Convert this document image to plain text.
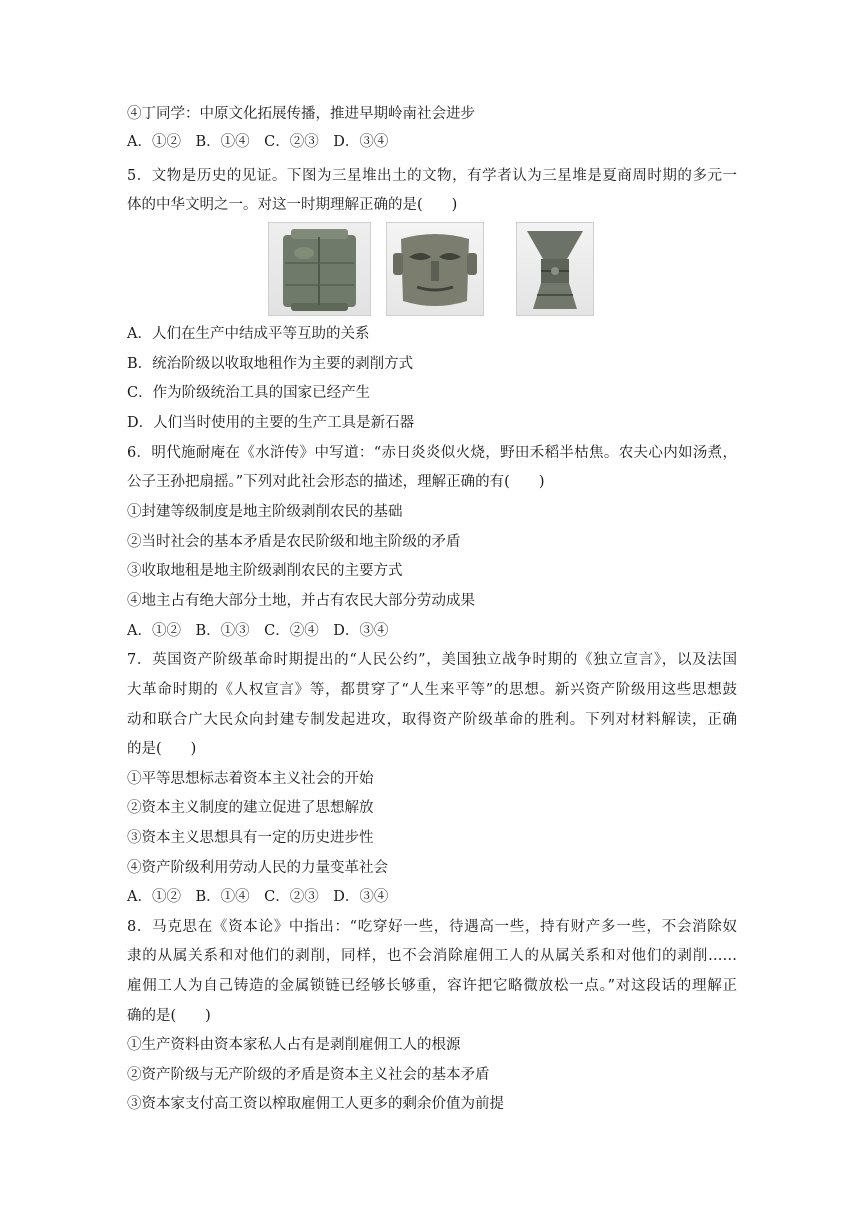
④丁同学：中原文化拓展传播，推进早期岭南社会进步
A．①②　B．①④　C．②③　D．③④
5．文物是历史的见证。下图为三星堆出土的文物，有学者认为三星堆是夏商周时期的多元一
体的中华文明之一。对这一时期理解正确的是(　　)
A．人们在生产中结成平等互助的关系
B．统治阶级以收取地租作为主要的剥削方式
C．作为阶级统治工具的国家已经产生
D．人们当时使用的主要的生产工具是新石器
6．明代施耐庵在《水浒传》中写道：“赤日炎炎似火烧，野田禾稻半枯焦。农夫心内如汤煮，
公子王孙把扇摇。”下列对此社会形态的描述，理解正确的有(　　)
①封建等级制度是地主阶级剥削农民的基础
②当时社会的基本矛盾是农民阶级和地主阶级的矛盾
③收取地租是地主阶级剥削农民的主要方式
④地主占有绝大部分土地，并占有农民大部分劳动成果
A．①②　B．①③　C．②④　D．③④
7．英国资产阶级革命时期提出的“人民公约”，美国独立战争时期的《独立宣言》，以及法国
大革命时期的《人权宣言》等，都贯穿了“人生来平等”的思想。新兴资产阶级用这些思想鼓
动和联合广大民众向封建专制发起进攻，取得资产阶级革命的胜利。下列对材料解读，正确
的是(　　)
①平等思想标志着资本主义社会的开始
②资本主义制度的建立促进了思想解放
③资本主义思想具有一定的历史进步性
④资产阶级利用劳动人民的力量变革社会
A．①②　B．①④　C．②③　D．③④
8．马克思在《资本论》中指出：“吃穿好一些，待遇高一些，持有财产多一些，不会消除奴
隶的从属关系和对他们的剥削，同样，也不会消除雇佣工人的从属关系和对他们的剥削……
雇佣工人为自己铸造的金属锁链已经够长够重，容许把它略微放松一点。”对这段话的理解正
确的是(　　)
①生产资料由资本家私人占有是剥削雇佣工人的根源
②资产阶级与无产阶级的矛盾是资本主义社会的基本矛盾
③资本家支付高工资以榨取雇佣工人更多的剩余价值为前提
